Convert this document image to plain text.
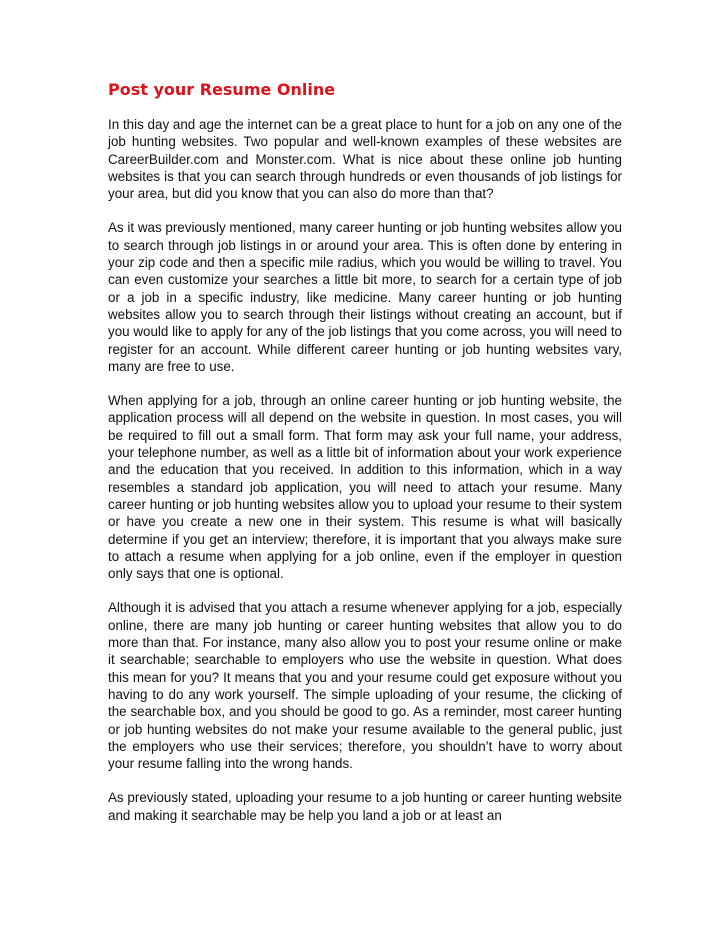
Post your Resume Online

In this day and age the internet can be a great place to hunt for a job on any one of the job hunting websites. Two popular and well-known examples of these websites are CareerBuilder.com and Monster.com. What is nice about these online job hunting websites is that you can search through hundreds or even thousands of job listings for your area, but did you know that you can also do more than that?

As it was previously mentioned, many career hunting or job hunting websites allow you to search through job listings in or around your area. This is often done by entering in your zip code and then a specific mile radius, which you would be willing to travel. You can even customize your searches a little bit more, to search for a certain type of job or a job in a specific industry, like medicine. Many career hunting or job hunting websites allow you to search through their listings without creating an account, but if you would like to apply for any of the job listings that you come across, you will need to register for an account. While different career hunting or job hunting websites vary, many are free to use.

When applying for a job, through an online career hunting or job hunting website, the application process will all depend on the website in question. In most cases, you will be required to fill out a small form. That form may ask your full name, your address, your telephone number, as well as a little bit of information about your work experience and the education that you received. In addition to this information, which in a way resembles a standard job application, you will need to attach your resume. Many career hunting or job hunting websites allow you to upload your resume to their system or have you create a new one in their system. This resume is what will basically determine if you get an interview; therefore, it is important that you always make sure to attach a resume when applying for a job online, even if the employer in question only says that one is optional.

Although it is advised that you attach a resume whenever applying for a job, especially online, there are many job hunting or career hunting websites that allow you to do more than that. For instance, many also allow you to post your resume online or make it searchable; searchable to employers who use the website in question. What does this mean for you? It means that you and your resume could get exposure without you having to do any work yourself. The simple uploading of your resume, the clicking of the searchable box, and you should be good to go. As a reminder, most career hunting or job hunting websites do not make your resume available to the general public, just the employers who use their services; therefore, you shouldn’t have to worry about your resume falling into the wrong hands.

As previously stated, uploading your resume to a job hunting or career hunting website and making it searchable may be help you land a job or at least an
